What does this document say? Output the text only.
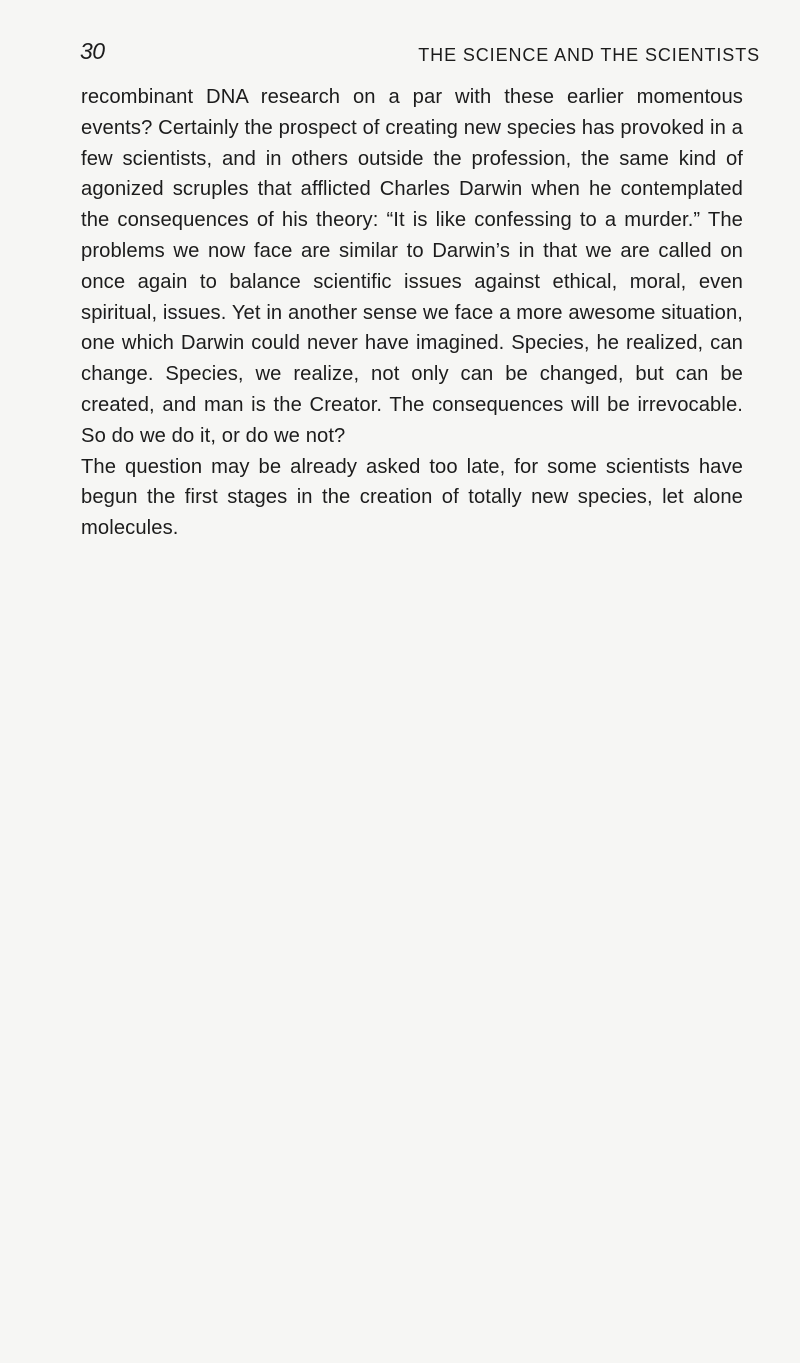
30	THE SCIENCE AND THE SCIENTISTS

recombinant DNA research on a par with these earlier momentous events? Certainly the prospect of creating new species has provoked in a few scientists, and in others outside the profession, the same kind of agonized scruples that afflicted Charles Darwin when he contemplated the consequences of his theory: “It is like confessing to a murder.” The problems we now face are similar to Darwin’s in that we are called on once again to balance scientific issues against ethical, moral, even spiritual, issues. Yet in another sense we face a more awesome situation, one which Darwin could never have imagined. Species, he realized, can change. Species, we realize, not only can be changed, but can be created, and man is the Creator. The consequences will be irrevocable. So do we do it, or do we not?

The question may be already asked too late, for some scientists have begun the first stages in the creation of totally new species, let alone molecules.
